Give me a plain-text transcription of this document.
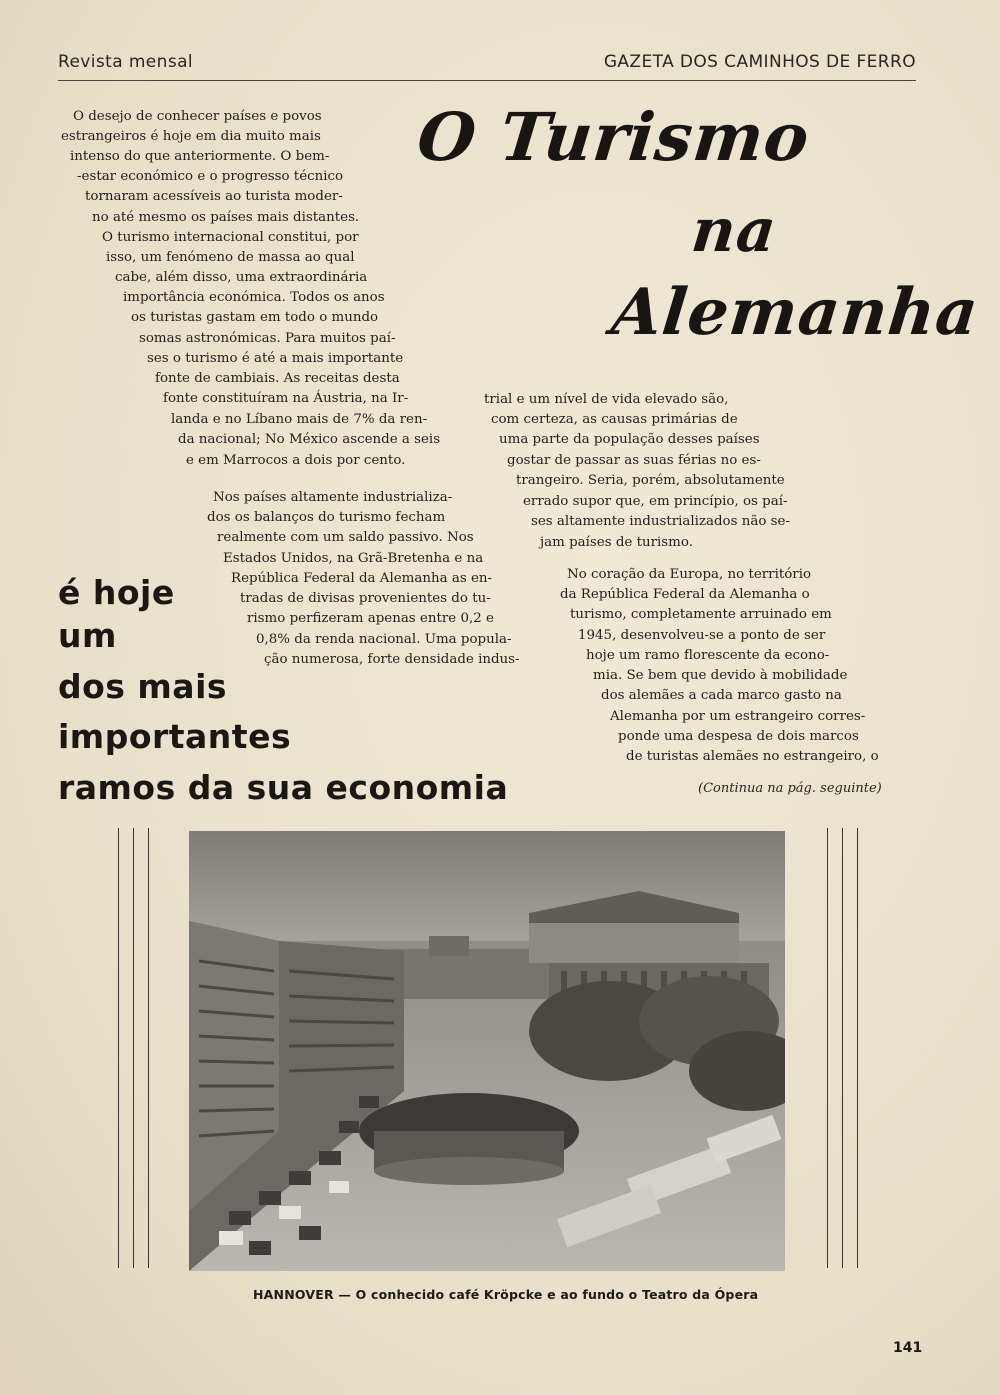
Revista mensal	GAZETA DOS CAMINHOS DE FERRO
O Turismo
na
Alemanha
O desejo de conhecer países e povos
estrangeiros é hoje em dia muito mais
intenso do que anteriormente. O bem-
-estar económico e o progresso técnico
tornaram acessíveis ao turista moder-
no até mesmo os países mais distantes.
O turismo internacional constitui, por
isso, um fenómeno de massa ao qual
cabe, além disso, uma extraordinária
importância económica. Todos os anos
os turistas gastam em todo o mundo
somas astronómicas. Para muitos paí-
ses o turismo é até a mais importante
fonte de cambiais. As receitas desta
fonte constituíram na Áustria, na Ir-
landa e no Líbano mais de 7% da ren-
da nacional; No México ascende a seis
e em Marrocos a dois por cento.
Nos países altamente industrializa-
dos os balanços do turismo fecham
realmente com um saldo passivo. Nos
Estados Unidos, na Grã-Bretenha e na
República Federal da Alemanha as en-
tradas de divisas provenientes do tu-
rismo perfizeram apenas entre 0,2 e
0,8% da renda nacional. Uma popula-
ção numerosa, forte densidade indus-
trial e um nível de vida elevado são,
com certeza, as causas primárias de
uma parte da população desses países
gostar de passar as suas férias no es-
trangeiro. Seria, porém, absolutamente
errado supor que, em princípio, os paí-
ses altamente industrializados não se-
jam países de turismo.
No coração da Europa, no território
da República Federal da Alemanha o
turismo, completamente arruinado em
1945, desenvolveu-se a ponto de ser
hoje um ramo florescente da econo-
mia. Se bem que devido à mobilidade
dos alemães a cada marco gasto na
Alemanha por um estrangeiro corres-
ponde uma despesa de dois marcos
de turistas alemães no estrangeiro, o
(Continua na pág. seguinte)
é hoje
um
dos mais
importantes
ramos da sua economia
HANNOVER — O conhecido café Kröpcke e ao fundo o Teatro da Ópera
141
